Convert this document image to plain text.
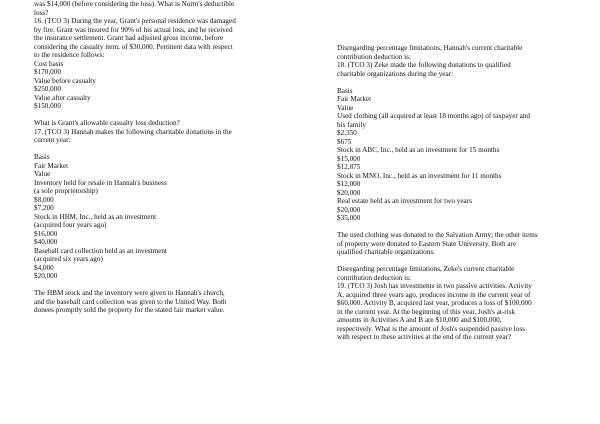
was $14,000 (before considering the loss). What is Norm's deductible
loss?
16. (TCO 3) During the year, Grant's personal residence was damaged
by fire. Grant was insured for 90% of his actual loss, and he received
the insurance settlement. Grant had adjusted gross income, before
considering the casualty item, of $30,000. Pertinent data with respect
to the residence follows:
Cost basis
$170,000
Value before casualty
$250,000
Value after casualty
$150,000
What is Grant's allowable casualty loss deduction?
17. (TCO 3) Hannah makes the following charitable donations in the
current year:
Basis
Fair Market
Value
Inventory held for resale in Hannah's business
(a sole proprietorship)
$8,000
$7,200
Stock in HBM, Inc., held as an investment
(acquired four years ago)
$16,000
$40,000
Baseball card collection held as an investment
(acquired six years ago)
$4,000
$20,000
The HBM stock and the inventory were given to Hannah's church,
and the baseball card collection was given to the United Way. Both
donees promptly sold the property for the stated fair market value.
Disregarding percentage limitations, Hannah's current charitable
contribution deduction is:
18. (TCO 3) Zeke made the following donations to qualified
charitable organizations during the year:
Basis
Fair Market
Value
Used clothing (all acquired at least 18 months ago) of taxpayer and
his family
$2,350
$675
Stock in ABC, Inc., held as an investment for 15 months
$15,000
$12,875
Stock in MNO, Inc., held as an investment for 11 months
$12,000
$20,000
Real estate held as an investment for two years
$20,000
$35,000
The used clothing was donated to the Salvation Army; the other items
of property were donated to Eastern State University. Both are
qualified charitable organizations.
Disregarding percentage limitations, Zeke's current charitable
contribution deduction is:
19. (TCO 3) Josh has investments in two passive activities. Activity
A, acquired three years ago, produces income in the current year of
$60,000. Activity B, acquired last year, produces a loss of $100,000
in the current year. At the beginning of this year, Josh's at-risk
amounts in Activities A and B are $10,000 and $100,000,
respectively. What is the amount of Josh's suspended passive loss
with respect to these activities at the end of the current year?
